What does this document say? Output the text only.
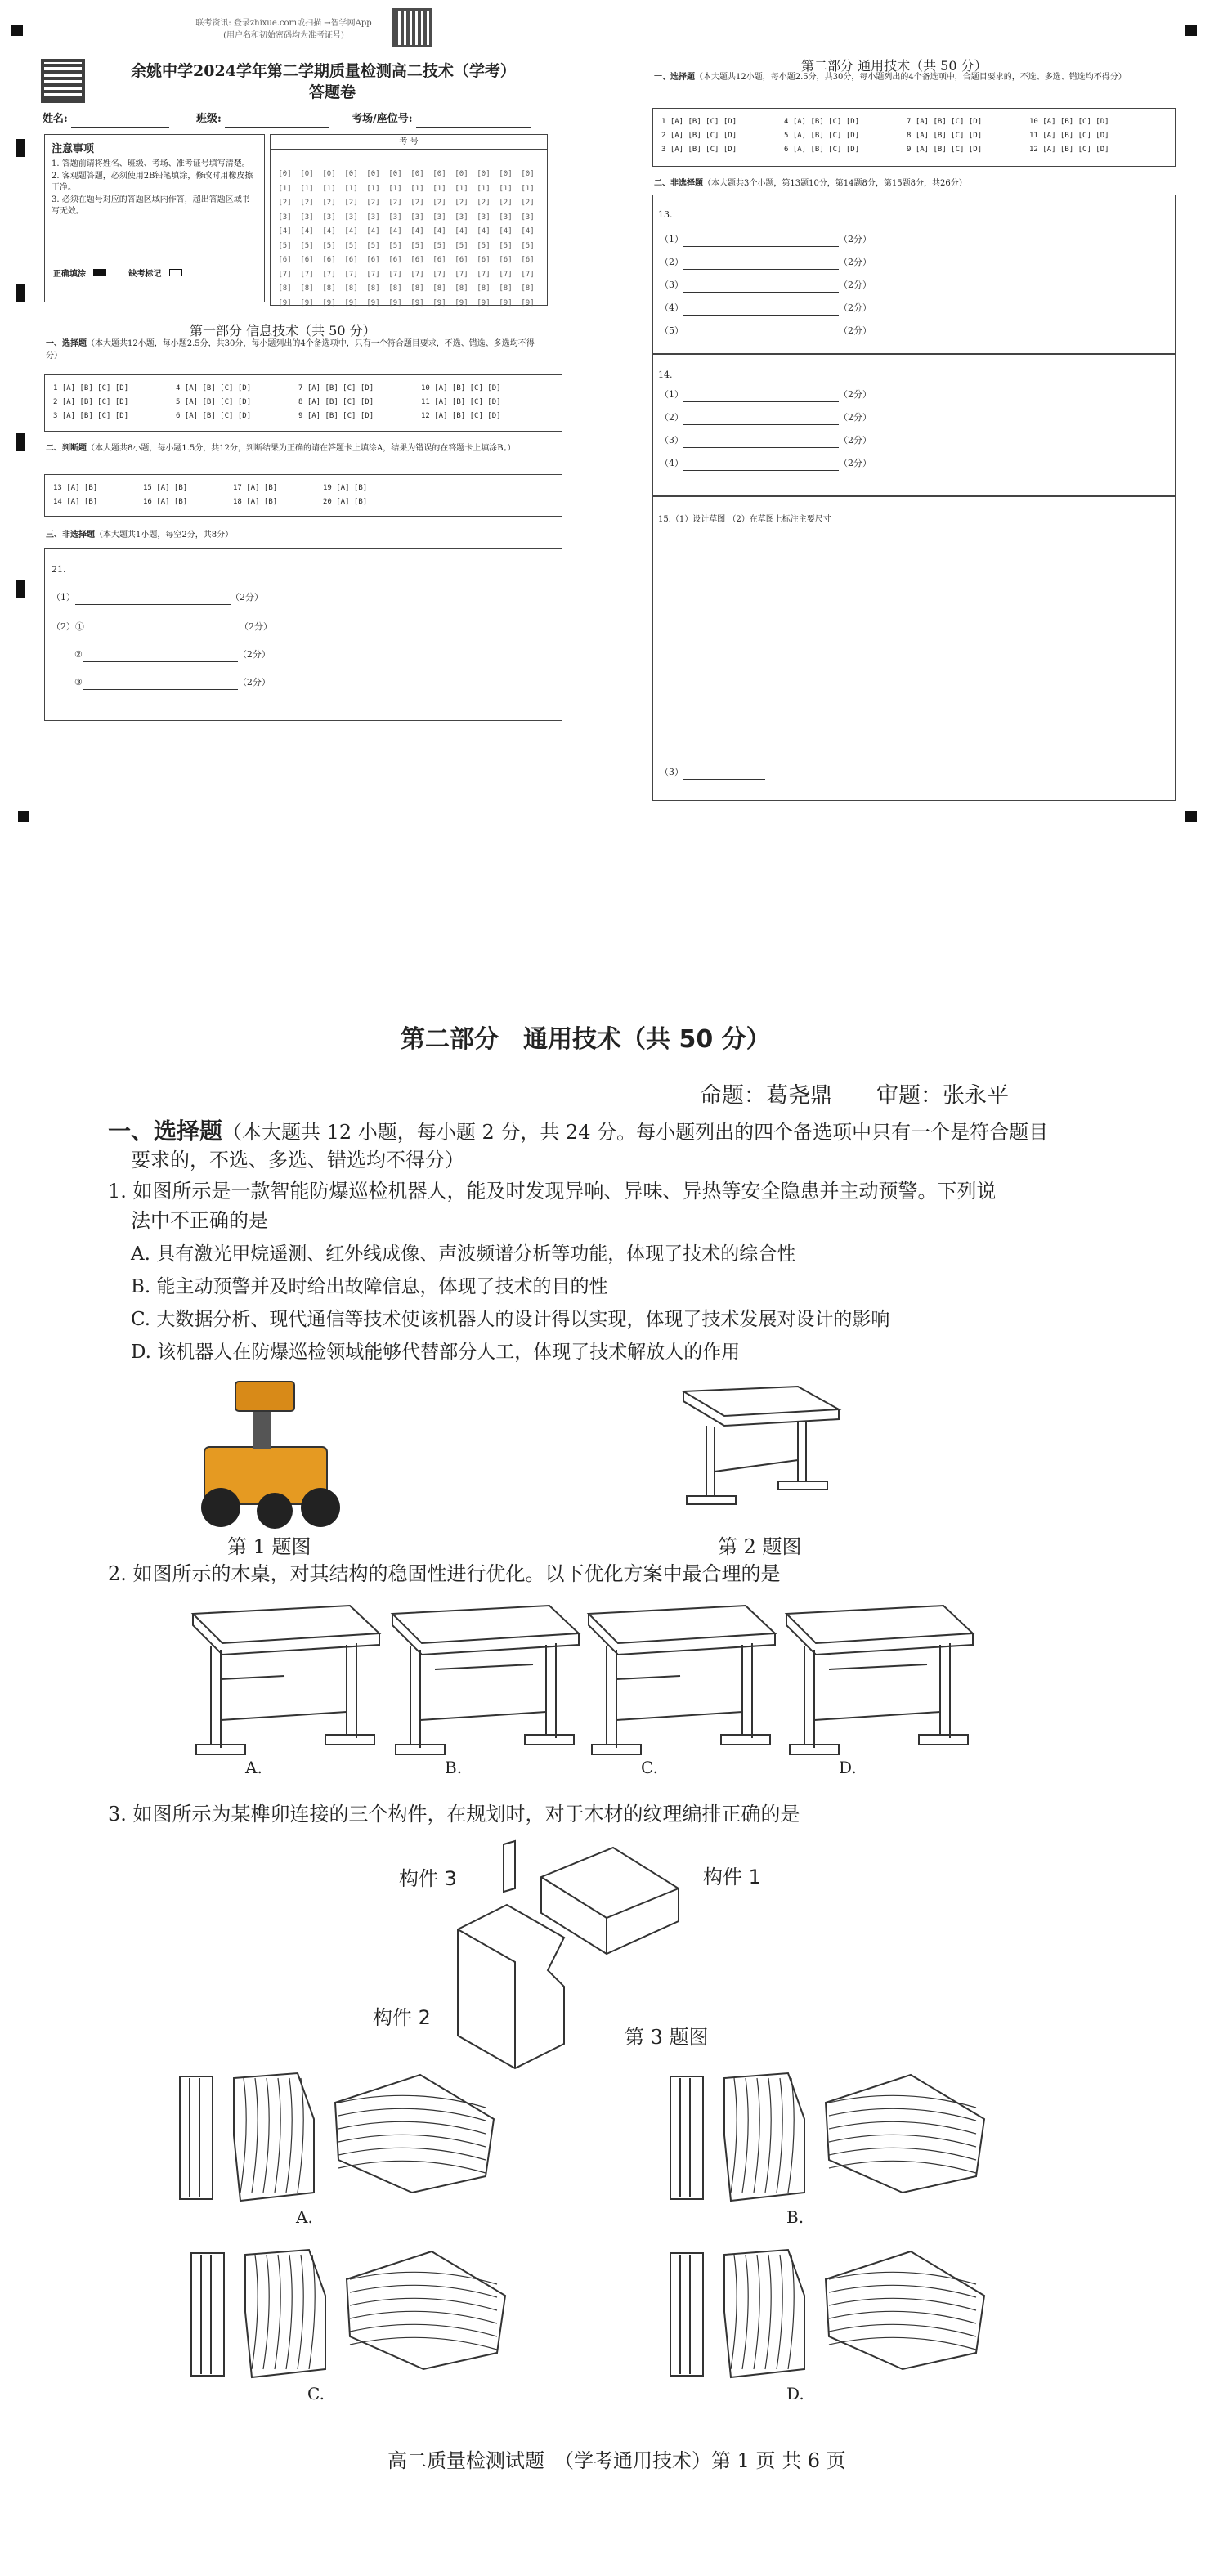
联考资讯: 登录zhixue.com或扫描 →智学网App
(用户名和初始密码均为准考证号)
余姚中学2024学年第二学期质量检测高二技术（学考）
答题卷
姓名:	班级:	考场/座位号:
注意事项
1. 答题前请将姓名、班级、考场、准考证号填写清楚。
2. 客观题答题，必须使用2B铅笔填涂，修改时用橡皮擦干净。
3. 必须在题号对应的答题区域内作答，超出答题区域书写无效。
正确填涂	缺考标记
考 号
[0] [0] [0] [0] [0] [0] [0] [0] [0] [0] [0] [0]
[1] [1] [1] [1] [1] [1] [1] [1] [1] [1] [1] [1]
[2] [2] [2] [2] [2] [2] [2] [2] [2] [2] [2] [2]
[3] [3] [3] [3] [3] [3] [3] [3] [3] [3] [3] [3]
[4] [4] [4] [4] [4] [4] [4] [4] [4] [4] [4] [4]
[5] [5] [5] [5] [5] [5] [5] [5] [5] [5] [5] [5]
[6] [6] [6] [6] [6] [6] [6] [6] [6] [6] [6] [6]
[7] [7] [7] [7] [7] [7] [7] [7] [7] [7] [7] [7]
[8] [8] [8] [8] [8] [8] [8] [8] [8] [8] [8] [8]
[9] [9] [9] [9] [9] [9] [9] [9] [9] [9] [9] [9]
第一部分 信息技术（共 50 分）
一、选择题（本大题共12小题，每小题2.5分，共30分，每小题列出的4个备选项中，只有一个符合题目要求，不选、错选、多选均不得分）
1 [A] [B] [C] [D]	4 [A] [B] [C] [D]	7 [A] [B] [C] [D]	10 [A] [B] [C] [D]
2 [A] [B] [C] [D]	5 [A] [B] [C] [D]	8 [A] [B] [C] [D]	11 [A] [B] [C] [D]
3 [A] [B] [C] [D]	6 [A] [B] [C] [D]	9 [A] [B] [C] [D]	12 [A] [B] [C] [D]
二、判断题（本大题共8小题，每小题1.5分，共12分，判断结果为正确的请在答题卡上填涂A，结果为错误的在答题卡上填涂B。）
13 [A] [B]	15 [A] [B]	17 [A] [B]	19 [A] [B]
14 [A] [B]	16 [A] [B]	18 [A] [B]	20 [A] [B]
三、非选择题（本大题共1小题，每空2分，共8分）
21.
（1）	（2分）
（2）①	（2分）
②	（2分）
③	（2分）
第二部分 通用技术（共 50 分）
一、选择题（本大题共12小题，每小题2.5分，共30分，每小题列出的4个备选项中，合题目要求的，不选、多选、错选均不得分）
1 [A] [B] [C] [D]	4 [A] [B] [C] [D]	7 [A] [B] [C] [D]	10 [A] [B] [C] [D]
2 [A] [B] [C] [D]	5 [A] [B] [C] [D]	8 [A] [B] [C] [D]	11 [A] [B] [C] [D]
3 [A] [B] [C] [D]	6 [A] [B] [C] [D]	9 [A] [B] [C] [D]	12 [A] [B] [C] [D]
二、非选择题（本大题共3个小题，第13题10分，第14题8分，第15题8分，共26分）
13.
（1）	（2分）
（2）	（2分）
（3）	（2分）
（4）	（2分）
（5）	（2分）
14.
（1）	（2分）
（2）	（2分）
（3）	（2分）
（4）	（2分）
15.（1）设计草图 （2）在草图上标注主要尺寸
（3）
第二部分　通用技术（共 50 分）
命题：葛尧鼎　　审题：张永平
一、选择题（本大题共 12 小题，每小题 2 分，共 24 分。每小题列出的四个备选项中只有一个是符合题目
要求的，不选、多选、错选均不得分）
1. 如图所示是一款智能防爆巡检机器人，能及时发现异响、异味、异热等安全隐患并主动预警。下列说
法中不正确的是
A. 具有激光甲烷遥测、红外线成像、声波频谱分析等功能，体现了技术的综合性
B. 能主动预警并及时给出故障信息，体现了技术的目的性
C. 大数据分析、现代通信等技术使该机器人的设计得以实现，体现了技术发展对设计的影响
D. 该机器人在防爆巡检领域能够代替部分人工，体现了技术解放人的作用
第 1 题图	第 2 题图
2. 如图所示的木桌，对其结构的稳固性进行优化。以下优化方案中最合理的是
A.	B.	C.	D.
3. 如图所示为某榫卯连接的三个构件，在规划时，对于木材的纹理编排正确的是
构件 3	构件 1
构件 2
第 3 题图
A.	B.
C.	D.
高二质量检测试题　（学考通用技术）第 1 页 共 6 页
